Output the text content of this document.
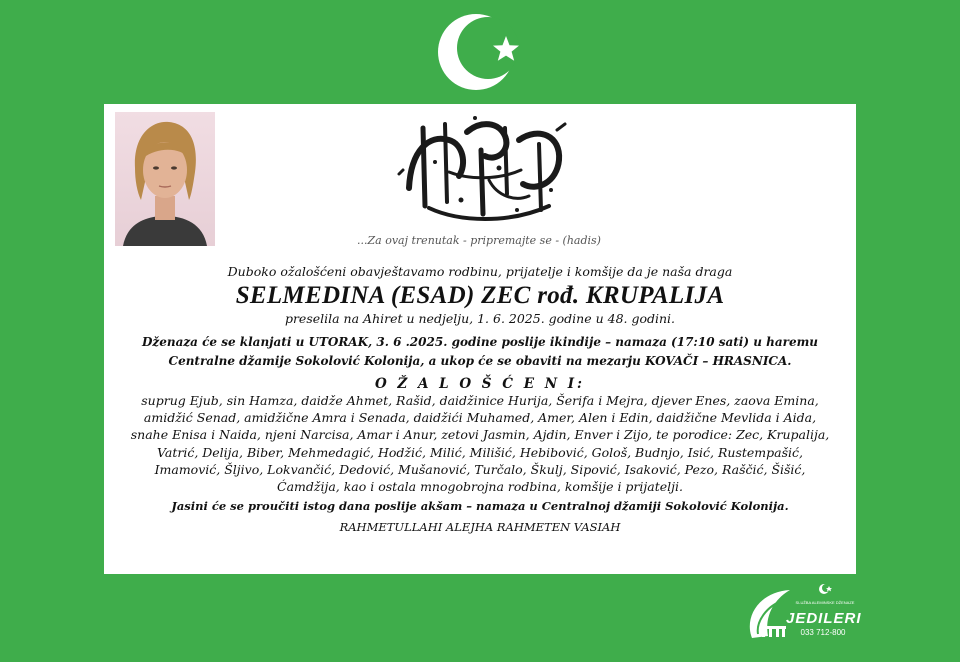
...Za ovaj trenutak - pripremajte se - (hadis)

Duboko ožalošćeni obavještavamo rodbinu, prijatelje i komšije da je naša draga

SELMEDINA (ESAD) ZEC rođ. KRUPALIJA

preselila na Ahiret u nedjelju, 1. 6. 2025. godine u 48. godini.

Dženaza će se klanjati u UTORAK, 3. 6 .2025. godine poslije ikindije – namaza (17:10 sati) u haremu
Centralne džamije Sokolović Kolonija, a ukop će se obaviti na mezarju KOVAČI – HRASNICA.

O Ž A L O Š Ć E N I:

suprug Ejub, sin Hamza, daidže Ahmet, Rašid, daidžinice Hurija, Šerifa i Mejra, djever Enes, zaova Emina, amidžić Senad, amidžične Amra i Senada, daidžići Muhamed, Amer, Alen i Edin, daidžične Mevlida i Aida, snahe Enisa i Naida, njeni Narcisa, Amar i Anur, zetovi Jasmin, Ajdin, Enver i Zijo, te porodice: Zec, Krupalija, Vatrić, Delija, Biber, Mehmedagić, Hodžić, Milić, Milišić, Hebibović, Gološ, Budnjo, Isić, Rustempašić, Imamović, Šljivo, Lokvančić, Dedović, Mušanović, Turčalo, Škulj, Sipović, Isaković, Pezo, Raščić, Šišić, Ćamdžija, kao i ostala mnogobrojna rodbina, komšije i prijatelji.

Jasini će se proučiti istog dana poslije akšam – namaza u Centralnoj džamiji Sokolović Kolonija.

RAHMETULLAHI ALEJHA RAHMETEN VASIAH

SLUŽBA ALEMINSKE DŽENAZE
JEDILERI
033 712-800
